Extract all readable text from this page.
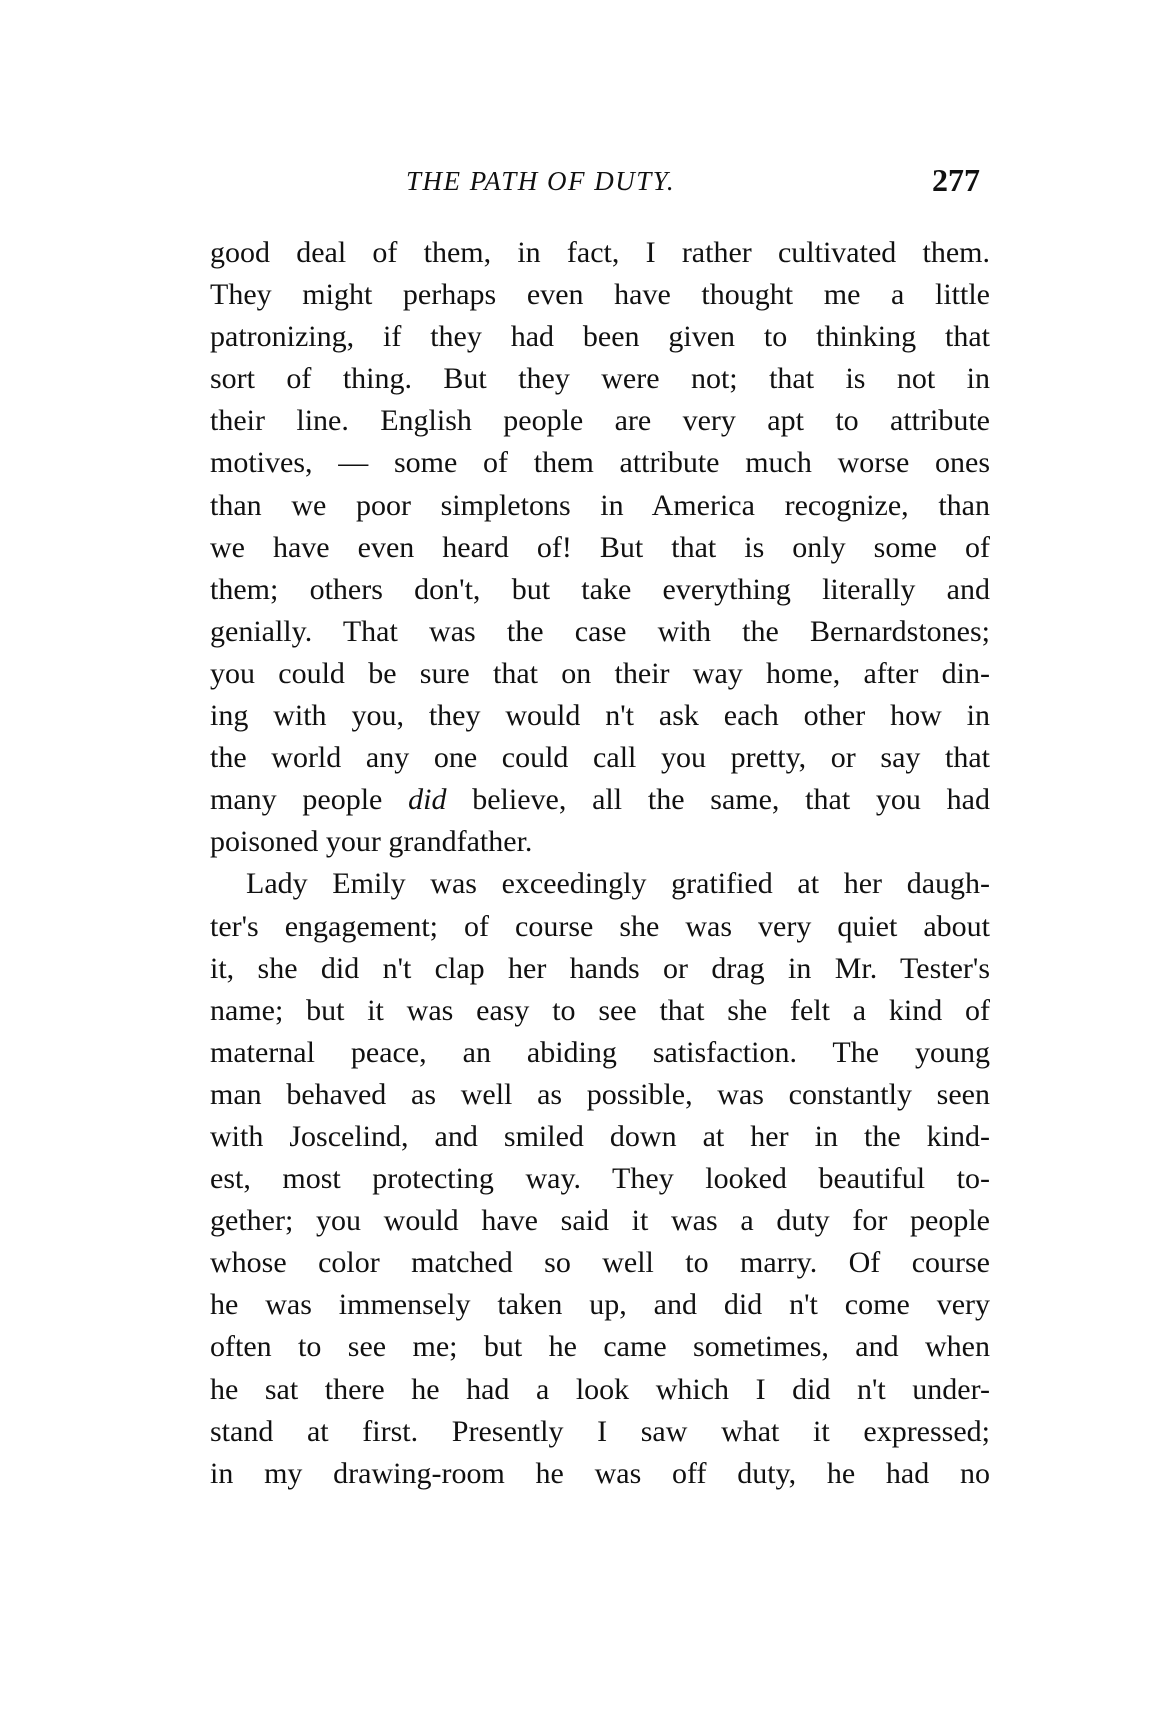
THE PATH OF DUTY.	277
good deal of them, in fact, I rather cultivated them.
They might perhaps even have thought me a little
patronizing, if they had been given to thinking that
sort of thing. But they were not; that is not in
their line. English people are very apt to attribute
motives, — some of them attribute much worse ones
than we poor simpletons in America recognize, than
we have even heard of! But that is only some of
them; others don't, but take everything literally and
genially. That was the case with the Bernardstones;
you could be sure that on their way home, after din-
ing with you, they would n't ask each other how in
the world any one could call you pretty, or say that
many people did believe, all the same, that you had
poisoned your grandfather.
Lady Emily was exceedingly gratified at her daugh-
ter's engagement; of course she was very quiet about
it, she did n't clap her hands or drag in Mr. Tester's
name; but it was easy to see that she felt a kind of
maternal peace, an abiding satisfaction. The young
man behaved as well as possible, was constantly seen
with Joscelind, and smiled down at her in the kind-
est, most protecting way. They looked beautiful to-
gether; you would have said it was a duty for people
whose color matched so well to marry. Of course
he was immensely taken up, and did n't come very
often to see me; but he came sometimes, and when
he sat there he had a look which I did n't under-
stand at first. Presently I saw what it expressed;
in my drawing-room he was off duty, he had no
